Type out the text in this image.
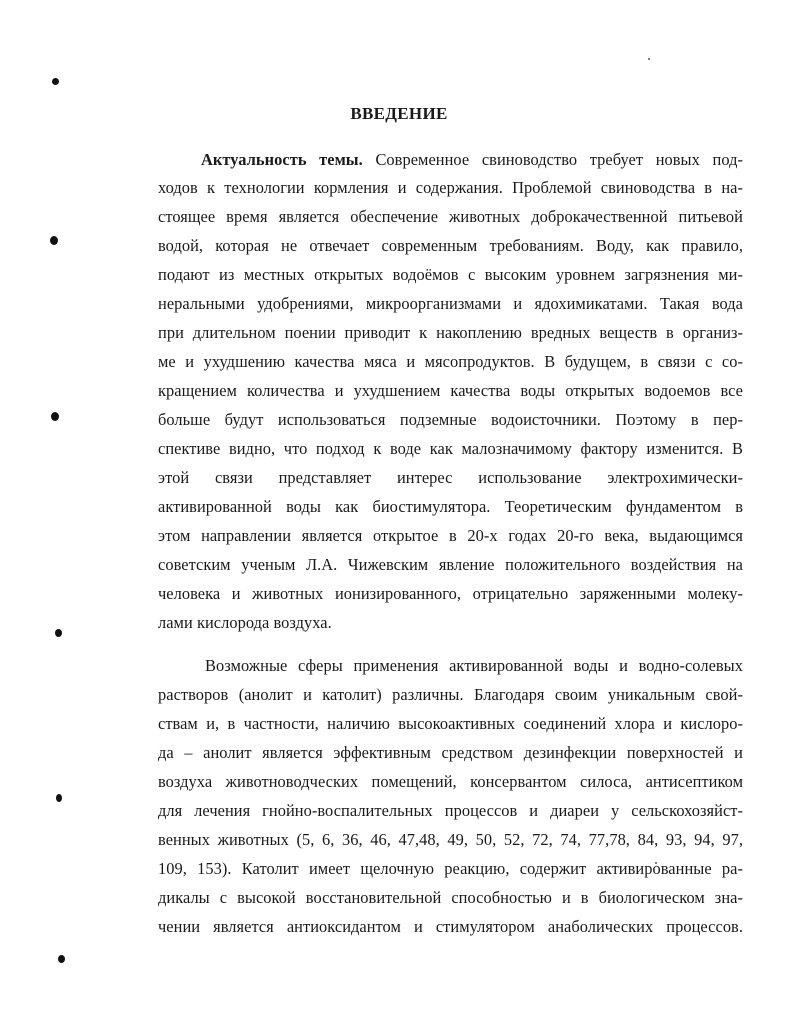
ВВЕДЕНИЕ
Актуальность темы. Современное свиноводство требует новых под-
ходов к технологии кормления и содержания. Проблемой свиноводства в на-
стоящее время является обеспечение животных доброкачественной питьевой
водой, которая не отвечает современным требованиям. Воду, как правило,
подают из местных открытых водоёмов с высоким уровнем загрязнения ми-
неральными удобрениями, микроорганизмами и ядохимикатами. Такая вода
при длительном поении приводит к накоплению вредных веществ в организ-
ме и ухудшению качества мяса и мясопродуктов. В будущем, в связи с со-
кращением количества и ухудшением качества воды открытых водоемов все
больше будут использоваться подземные водоисточники. Поэтому в пер-
спективе видно, что подход к воде как малозначимому фактору изменится. В
этой связи представляет интерес использование электрохимически-
активированной воды как биостимулятора. Теоретическим фундаментом в
этом направлении является открытое в 20-х годах 20-го века, выдающимся
советским ученым Л.А. Чижевским явление положительного воздействия на
человека и животных ионизированного, отрицательно заряженными молеку-
лами кислорода воздуха.
Возможные сферы применения активированной воды и водно-солевых
растворов (анолит и католит) различны. Благодаря своим уникальным свой-
ствам и, в частности, наличию высокоактивных соединений хлора и кислоро-
да – анолит является эффективным средством дезинфекции поверхностей и
воздуха животноводческих помещений, консервантом силоса, антисептиком
для лечения гнойно-воспалительных процессов и диареи у сельскохозяйст-
венных животных (5, 6, 36, 46, 47,48, 49, 50, 52, 72, 74, 77,78, 84, 93, 94, 97,
109, 153). Католит имеет щелочную реакцию, содержит активированные ра-
дикалы с высокой восстановительной способностью и в биологическом зна-
чении является антиоксидантом и стимулятором анаболических процессов.
